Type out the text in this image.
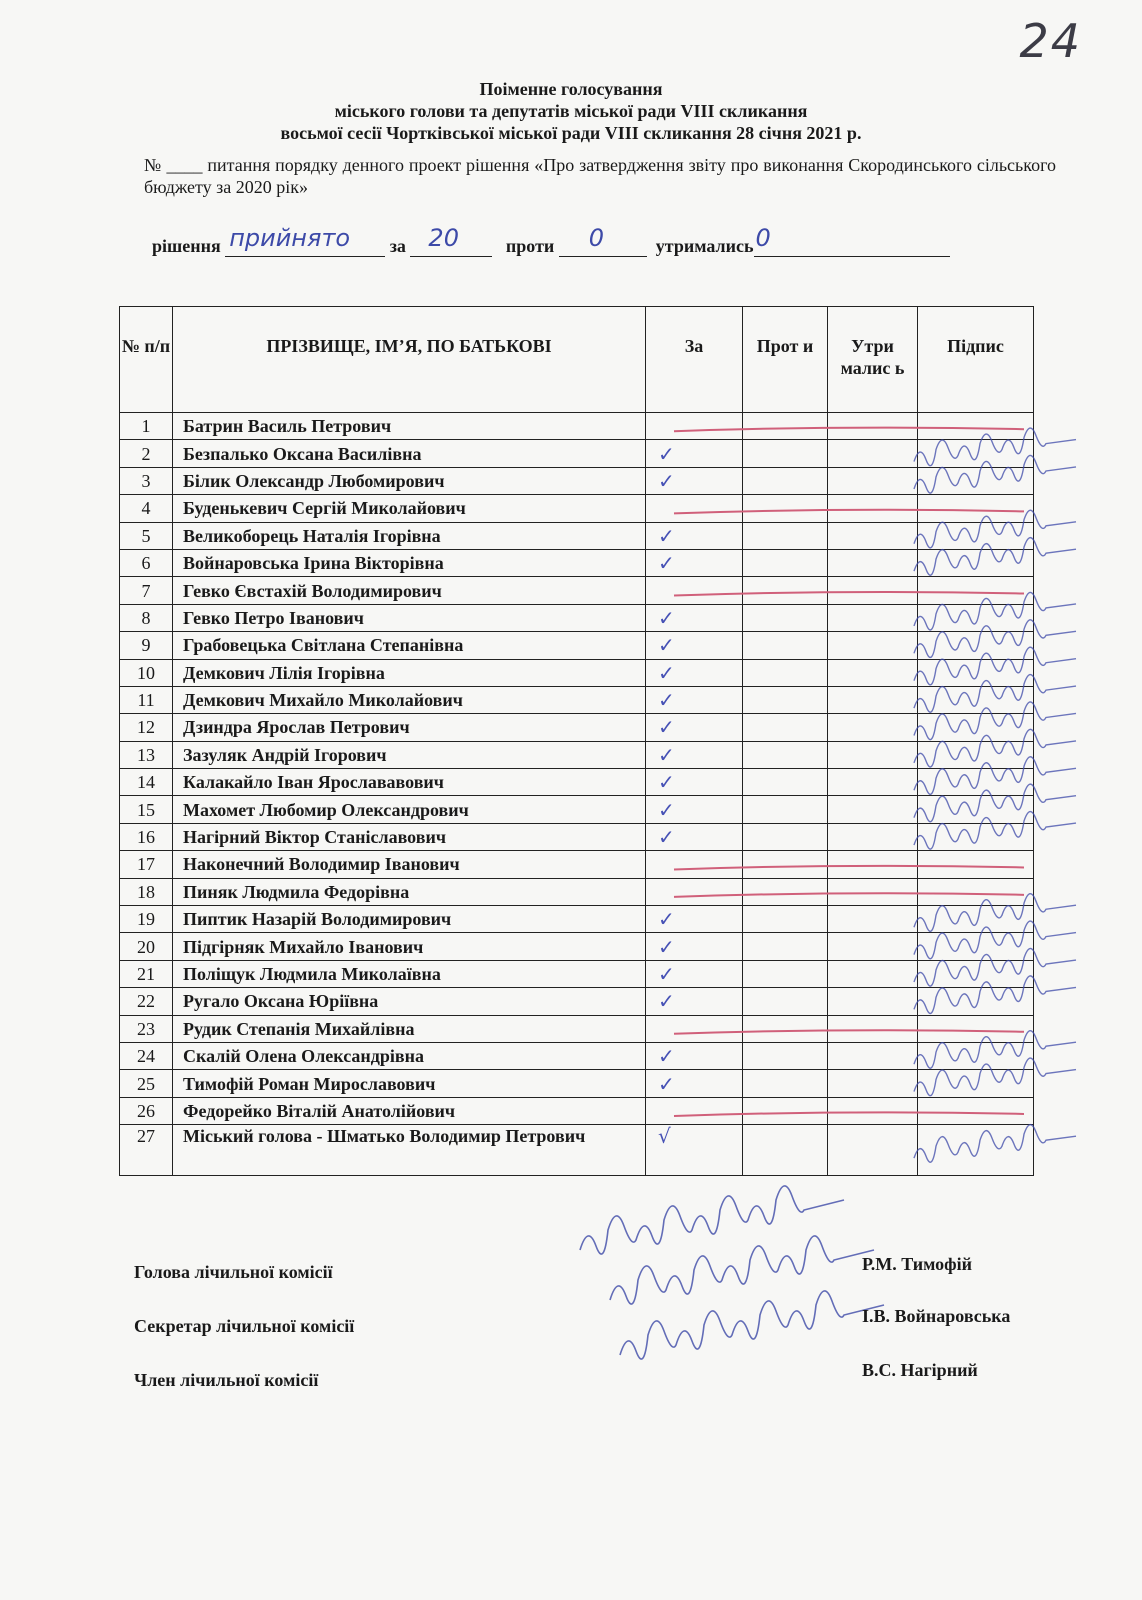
24
Поіменне голосування
міського голови та депутатів міської ради VIII скликання
восьмої сесії Чортківської міської ради VIII скликання 28 січня 2021 р.
№ ____ питання порядку денного проект рішення «Про затвердження звіту про виконання Скородинського сільського бюджету за 2020 рік»
рішення прийнято за 20	проти 0	утримались 0
№ п/п	ПРІЗВИЩЕ, ІМ’Я, ПО БАТЬКОВІ	За	Прот и	Утри малис ь	Підпис
1	Батрин Василь Петрович				
2	Безпалько Оксана Василівна	✓			
3	Білик Олександр Любомирович	✓			
4	Буденькевич Сергій Миколайович				
5	Великоборець Наталія Ігорівна	✓			
6	Войнаровська Ірина Вікторівна	✓			
7	Гевко Євстахій Володимирович				
8	Гевко Петро Іванович	✓			
9	Грабовецька Світлана Степанівна	✓			
10	Демкович Лілія Ігорівна	✓			
11	Демкович Михайло Миколайович	✓			
12	Дзиндра Ярослав Петрович	✓			
13	Зазуляк Андрій Ігорович	✓			
14	Калакайло Іван Ярослававович	✓			
15	Махомет Любомир Олександрович	✓			
16	Нагірний Віктор Станіславович	✓			
17	Наконечний Володимир Іванович				
18	Пиняк Людмила Федорівна				
19	Пиптик Назарій Володимирович	✓			
20	Підгірняк Михайло Іванович	✓			
21	Поліщук Людмила Миколаївна	✓			
22	Ругало Оксана Юріївна	✓			
23	Рудик Степанія Михайлівна				
24	Скалій Олена Олександрівна	✓			
25	Тимофій Роман Мирославович	✓			
26	Федорейко Віталій Анатолійович				
27	Міський голова - Шматько Володимир Петрович	√			
Голова лічильної комісії	Р.М. Тимофій
Секретар лічильної комісії	І.В. Войнаровська
Член лічильної комісії	В.С. Нагірний
